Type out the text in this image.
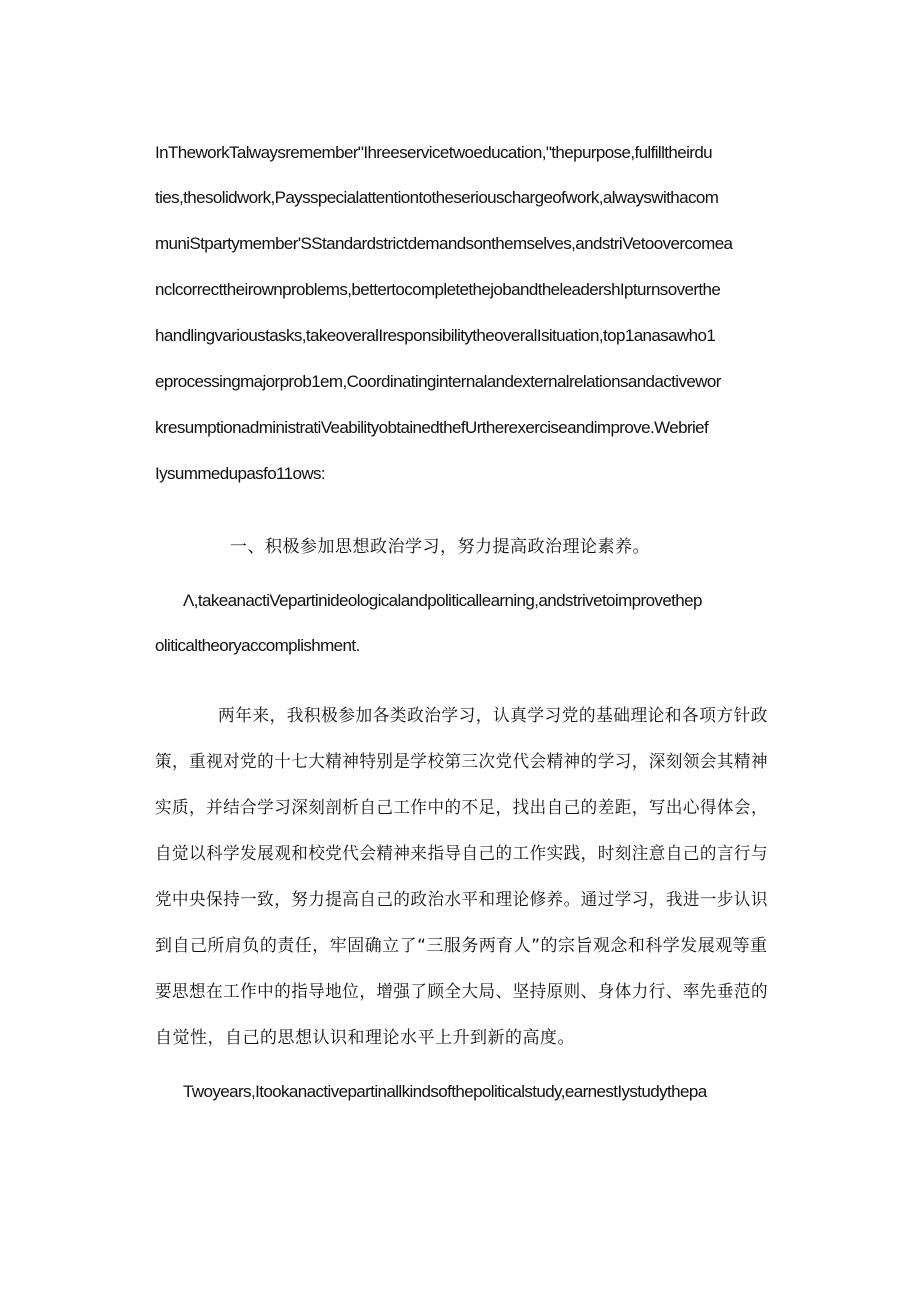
InTheworkTalwaysremember"Ihreeservicetwoeducation,"thepurpose,fulfilltheirdu
ties,thesolidwork,Paysspecialattentiontotheseriouschargeofwork,alwayswithacom
muniStpartymember'SStandardstrictdemandsonthemselves,andstriVetoovercomea
nclcorrecttheirownproblems,bettertocompletethejobandtheleadershIpturnsoverthe
handlingvarioustasks,takeoveralIresponsibilitytheoveralIsituation,top1anasawho1
eprocessingmajorprob1em,Coordinatinginternalandexternalrelationsandactivewor
kresumptionadministratiVeabilityobtainedthefUrtherexerciseandimprove.Webrief
Iysummedupasfo11ows:
一、积极参加思想政治学习，努力提高政治理论素养。
Λ,takeanactiVepartinideologicalandpoliticallearning,andstrivetoimprovethep
oliticaltheoryaccomplishment.
两年来，我积极参加各类政治学习，认真学习党的基础理论和各项方针政
策，重视对党的十七大精神特别是学校第三次党代会精神的学习，深刻领会其精神
实质，并结合学习深刻剖析自己工作中的不足，找出自己的差距，写出心得体会，
自觉以科学发展观和校党代会精神来指导自己的工作实践，时刻注意自己的言行与
党中央保持一致，努力提高自己的政治水平和理论修养。通过学习，我进一步认识
到自己所肩负的责任，牢固确立了“三服务两育人”的宗旨观念和科学发展观等重
要思想在工作中的指导地位，增强了顾全大局、坚持原则、身体力行、率先垂范的
自觉性，自己的思想认识和理论水平上升到新的高度。
Twoyears,Itookanactivepartinallkindsofthepoliticalstudy,earnestIystudythepa
